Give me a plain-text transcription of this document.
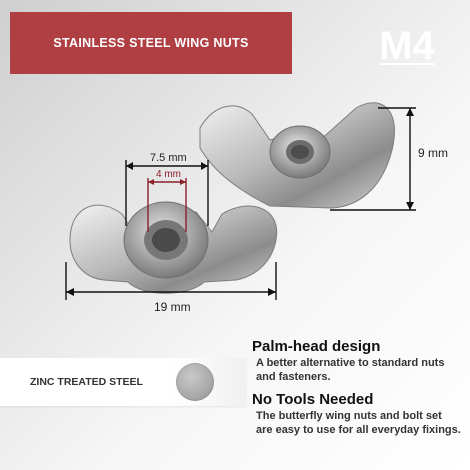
STAINLESS STEEL WING NUTS	M4
7.5 mm
4 mm
19 mm
9 mm
ZINC TREATED STEEL
Palm-head design
A better alternative to standard nuts
and fasteners.
No Tools Needed
The butterfly wing nuts and bolt set
are easy to use for all everyday fixings.
